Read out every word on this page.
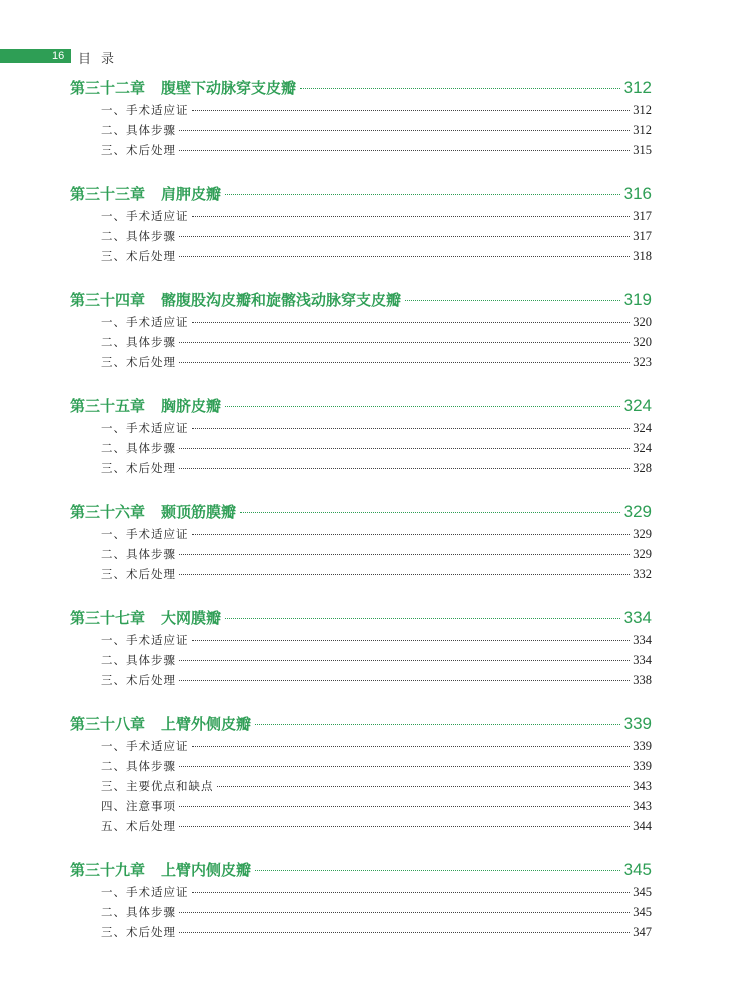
16	目录
第三十二章 腹壁下动脉穿支皮瓣	312
一、手术适应证	312
二、具体步骤	312
三、术后处理	315
第三十三章 肩胛皮瓣	316
一、手术适应证	317
二、具体步骤	317
三、术后处理	318
第三十四章 髂腹股沟皮瓣和旋髂浅动脉穿支皮瓣	319
一、手术适应证	320
二、具体步骤	320
三、术后处理	323
第三十五章 胸脐皮瓣	324
一、手术适应证	324
二、具体步骤	324
三、术后处理	328
第三十六章 颞顶筋膜瓣	329
一、手术适应证	329
二、具体步骤	329
三、术后处理	332
第三十七章 大网膜瓣	334
一、手术适应证	334
二、具体步骤	334
三、术后处理	338
第三十八章 上臂外侧皮瓣	339
一、手术适应证	339
二、具体步骤	339
三、主要优点和缺点	343
四、注意事项	343
五、术后处理	344
第三十九章 上臂内侧皮瓣	345
一、手术适应证	345
二、具体步骤	345
三、术后处理	347
